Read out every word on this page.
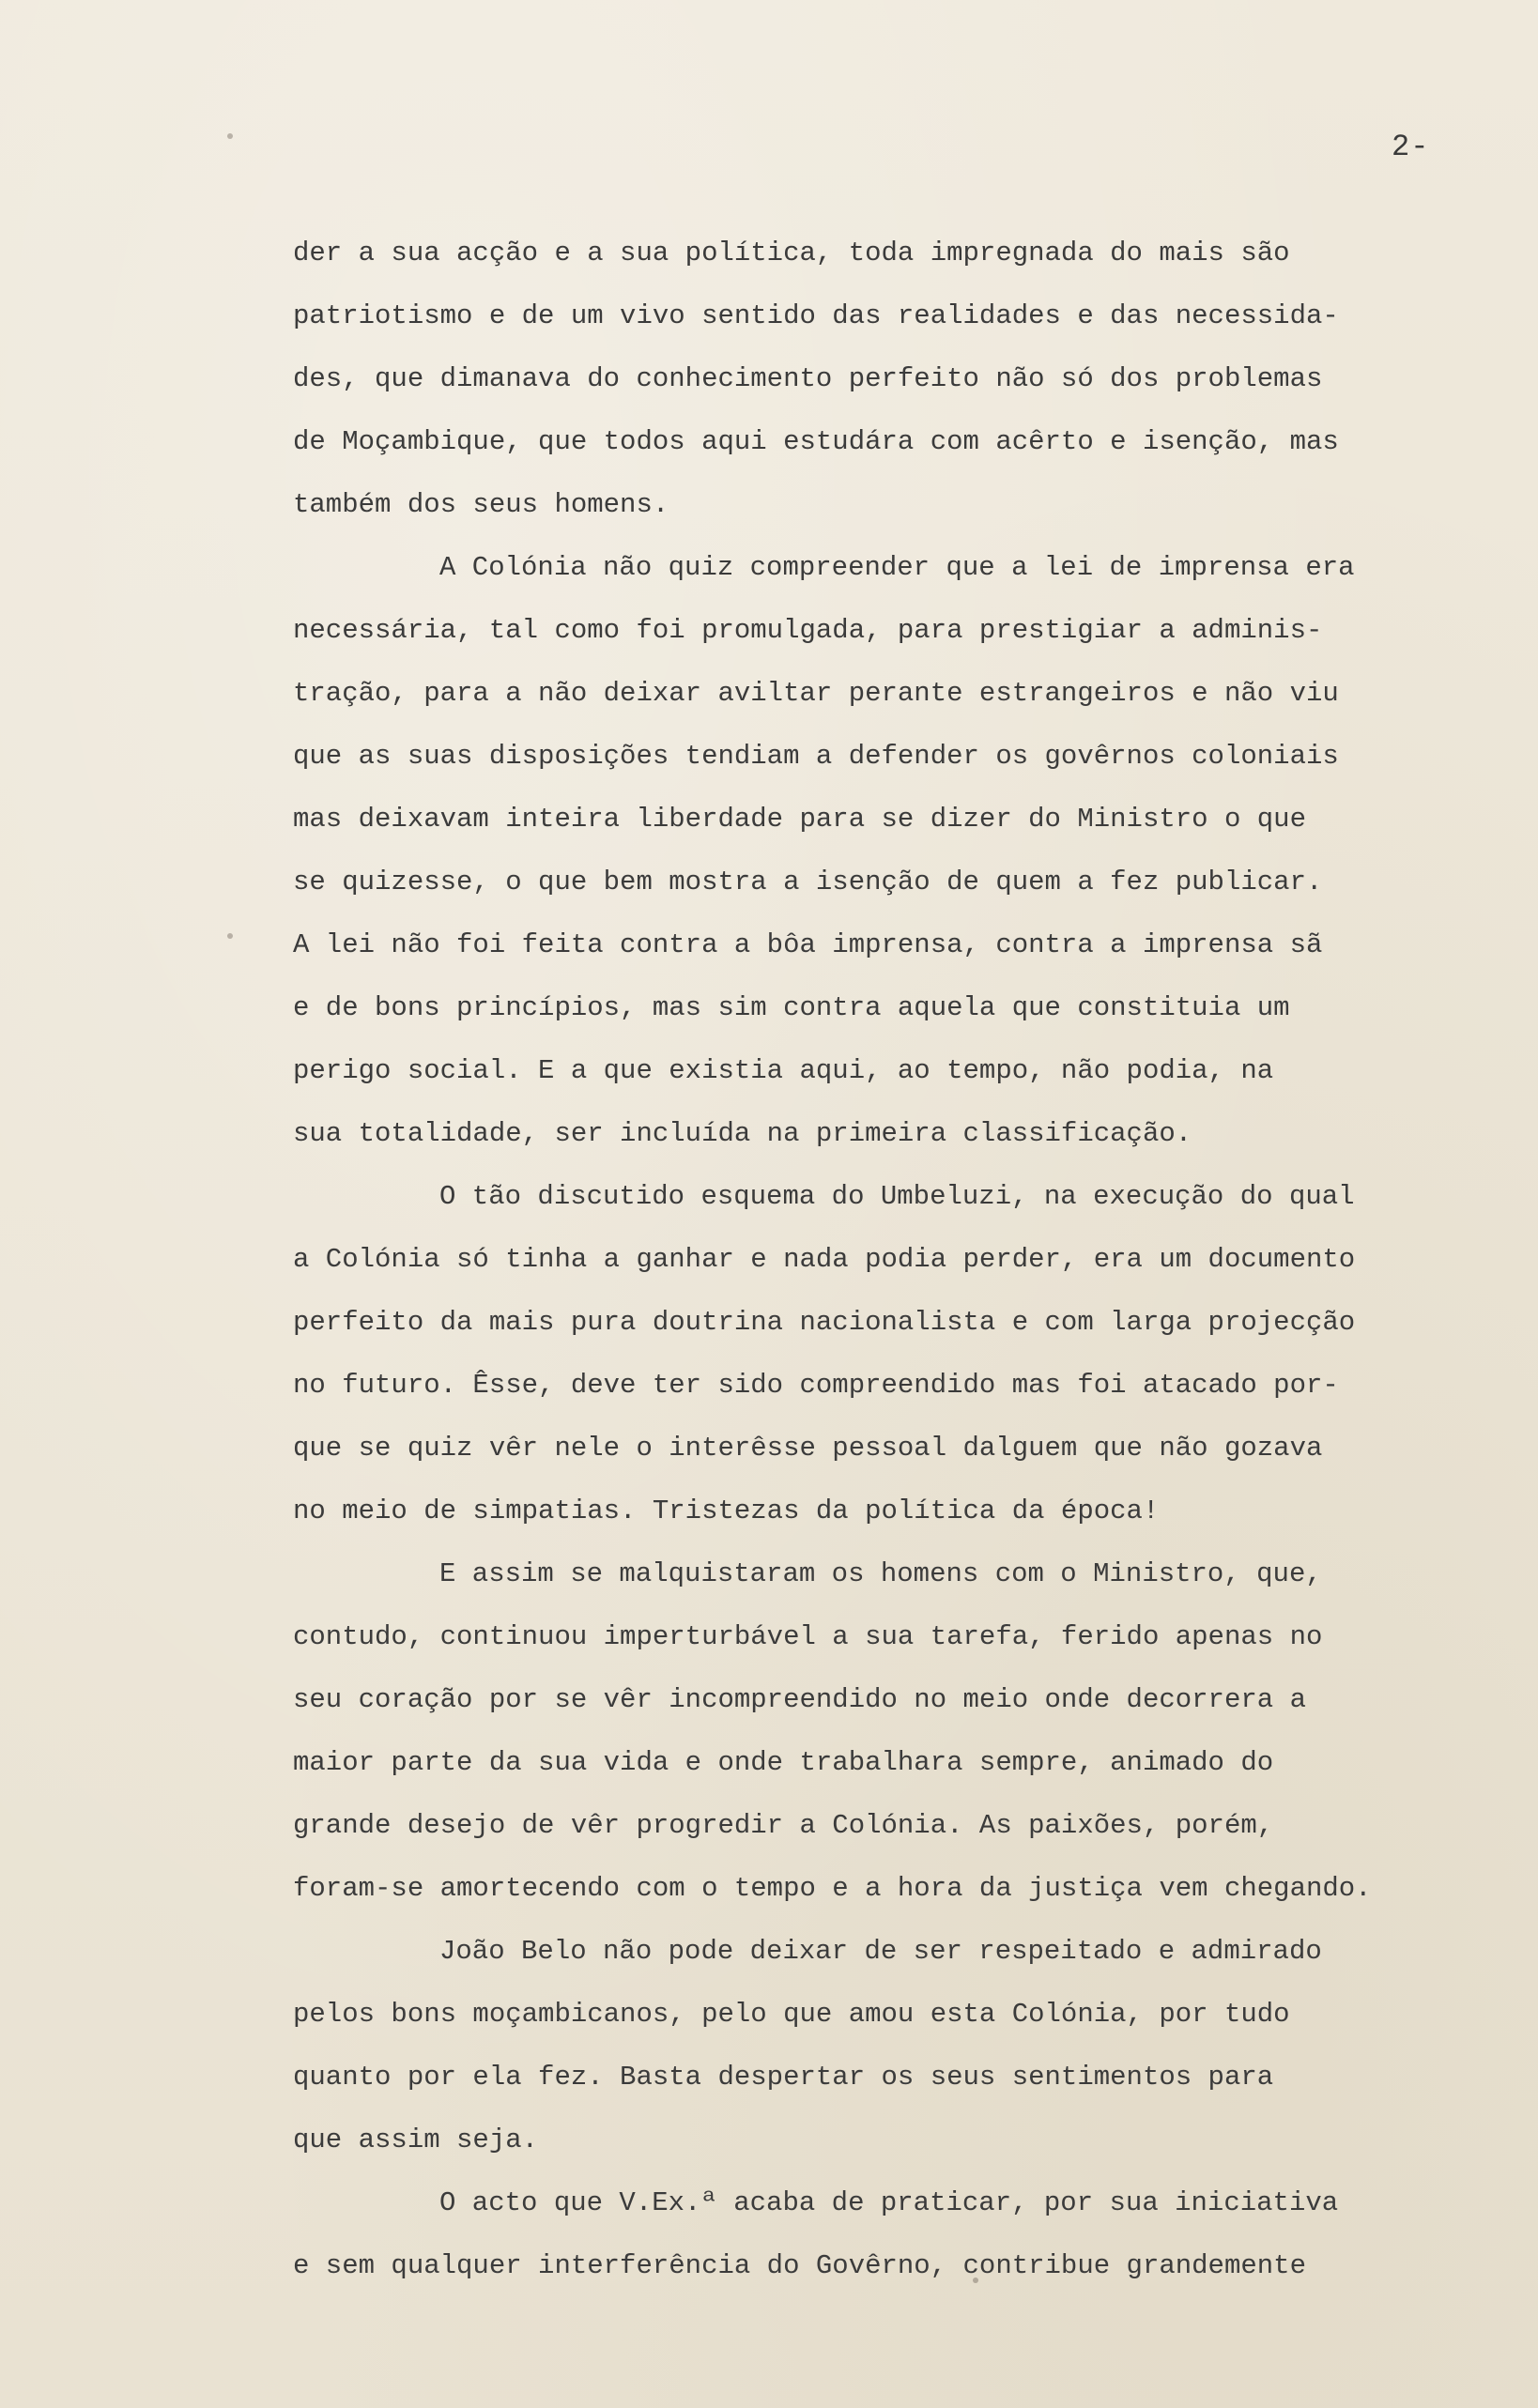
2-
der a sua acção e a sua política, toda impregnada do mais são
patriotismo e de um vivo sentido das realidades e das necessida-
des, que dimanava do conhecimento perfeito não só dos problemas
de Moçambique, que todos aqui estudára com acêrto e isenção, mas
também dos seus homens.
A Colónia não quiz compreender que a lei de imprensa era
necessária, tal como foi promulgada, para prestigiar a adminis-
tração, para a não deixar aviltar perante estrangeiros e não viu
que as suas disposições tendiam a defender os govêrnos coloniais
mas deixavam inteira liberdade para se dizer do Ministro o que
se quizesse, o que bem mostra a isenção de quem a fez publicar.
A lei não foi feita contra a bôa imprensa, contra a imprensa sã
e de bons princípios, mas sim contra aquela que constituia um
perigo social. E a que existia aqui, ao tempo, não podia, na
sua totalidade, ser incluída na primeira classificação.
O tão discutido esquema do Umbeluzi, na execução do qual
a Colónia só tinha a ganhar e nada podia perder, era um documento
perfeito da mais pura doutrina nacionalista e com larga projecção
no futuro. Êsse, deve ter sido compreendido mas foi atacado por-
que se quiz vêr nele o interêsse pessoal dalguem que não gozava
no meio de simpatias. Tristezas da política da época!
E assim se malquistaram os homens com o Ministro, que,
contudo, continuou imperturbável a sua tarefa, ferido apenas no
seu coração por se vêr incompreendido no meio onde decorrera a
maior parte da sua vida e onde trabalhara sempre, animado do
grande desejo de vêr progredir a Colónia. As paixões, porém,
foram-se amortecendo com o tempo e a hora da justiça vem chegando.
João Belo não pode deixar de ser respeitado e admirado
pelos bons moçambicanos, pelo que amou esta Colónia, por tudo
quanto por ela fez. Basta despertar os seus sentimentos para
que assim seja.
O acto que V.Ex.ª acaba de praticar, por sua iniciativa
e sem qualquer interferência do Govêrno, contribue grandemente
